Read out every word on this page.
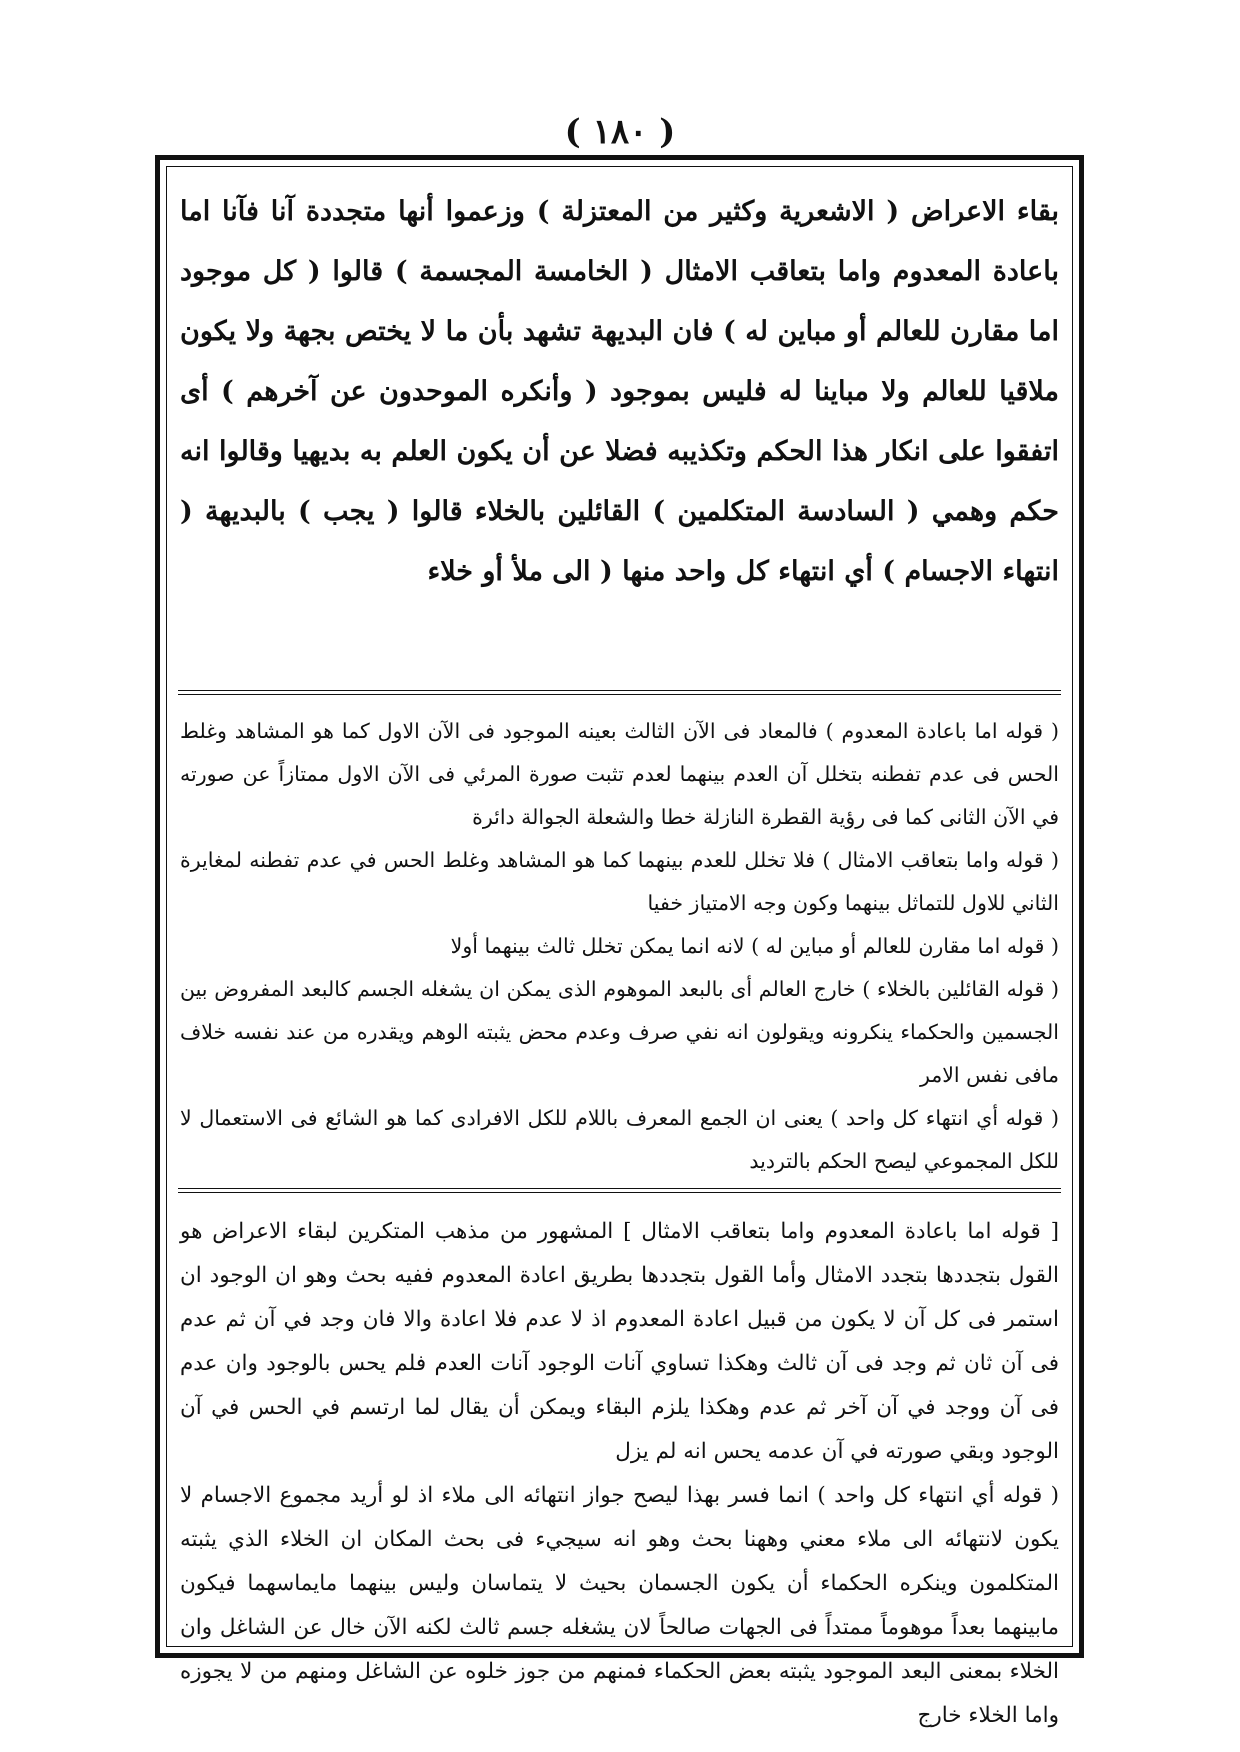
( ١٨٠ )

بقاء الاعراض ( الاشعرية وكثير من المعتزلة ) وزعموا أنها متجددة آنا فآنا اما باعادة المعدوم واما بتعاقب الامثال ( الخامسة المجسمة ) قالوا ( كل موجود اما مقارن للعالم أو مباين له ) فان البديهة تشهد بأن ما لا يختص بجهة ولا يكون ملاقيا للعالم ولا مباينا له فليس بموجود ( وأنكره الموحدون عن آخرهم ) أى اتفقوا على انكار هذا الحكم وتكذيبه فضلا عن أن يكون العلم به بديهيا وقالوا انه حكم وهمي ( السادسة المتكلمين ) القائلين بالخلاء قالوا ( يجب ) بالبديهة ( انتهاء الاجسام ) أي انتهاء كل واحد منها ( الى ملأ أو خلاء

( قوله اما باعادة المعدوم ) فالمعاد فى الآن الثالث بعينه الموجود فى الآن الاول كما هو المشاهد وغلط الحس فى عدم تفطنه بتخلل آن العدم بينهما لعدم تثبت صورة المرئي فى الآن الاول ممتازاً عن صورته في الآن الثانى كما فى رؤية القطرة النازلة خطا والشعلة الجوالة دائرة

( قوله واما بتعاقب الامثال ) فلا تخلل للعدم بينهما كما هو المشاهد وغلط الحس في عدم تفطنه لمغايرة الثاني للاول للتماثل بينهما وكون وجه الامتياز خفيا

( قوله اما مقارن للعالم أو مباين له ) لانه انما يمكن تخلل ثالث بينهما أولا

( قوله القائلين بالخلاء ) خارج العالم أى بالبعد الموهوم الذى يمكن ان يشغله الجسم كالبعد المفروض بين الجسمين والحكماء ينكرونه ويقولون انه نفي صرف وعدم محض يثبته الوهم ويقدره من عند نفسه خلاف مافى نفس الامر

( قوله أي انتهاء كل واحد ) يعنى ان الجمع المعرف باللام للكل الافرادى كما هو الشائع فى الاستعمال لا للكل المجموعي ليصح الحكم بالترديد

[ قوله اما باعادة المعدوم واما بتعاقب الامثال ] المشهور من مذهب المتكرين لبقاء الاعراض هو القول بتجددها بتجدد الامثال وأما القول بتجددها بطريق اعادة المعدوم ففيه بحث وهو ان الوجود ان استمر فى كل آن لا يكون من قبيل اعادة المعدوم اذ لا عدم فلا اعادة والا فان وجد في آن ثم عدم فى آن ثان ثم وجد فى آن ثالث وهكذا تساوي آنات الوجود آنات العدم فلم يحس بالوجود وان عدم فى آن ووجد في آن آخر ثم عدم وهكذا يلزم البقاء ويمكن أن يقال لما ارتسم في الحس في آن الوجود وبقي صورته في آن عدمه يحس انه لم يزل

( قوله أي انتهاء كل واحد ) انما فسر بهذا ليصح جواز انتهائه الى ملاء اذ لو أريد مجموع الاجسام لا يكون لانتهائه الى ملاء معني وههنا بحث وهو انه سيجيء فى بحث المكان ان الخلاء الذي يثبته المتكلمون وينكره الحكماء أن يكون الجسمان بحيث لا يتماسان وليس بينهما مايماسهما فيكون مابينهما بعداً موهوماً ممتداً فى الجهات صالحاً لان يشغله جسم ثالث لكنه الآن خال عن الشاغل وان الخلاء بمعنى البعد الموجود يثبته بعض الحكماء فمنهم من جوز خلوه عن الشاغل ومنهم من لا يجوزه واما الخلاء خارج
